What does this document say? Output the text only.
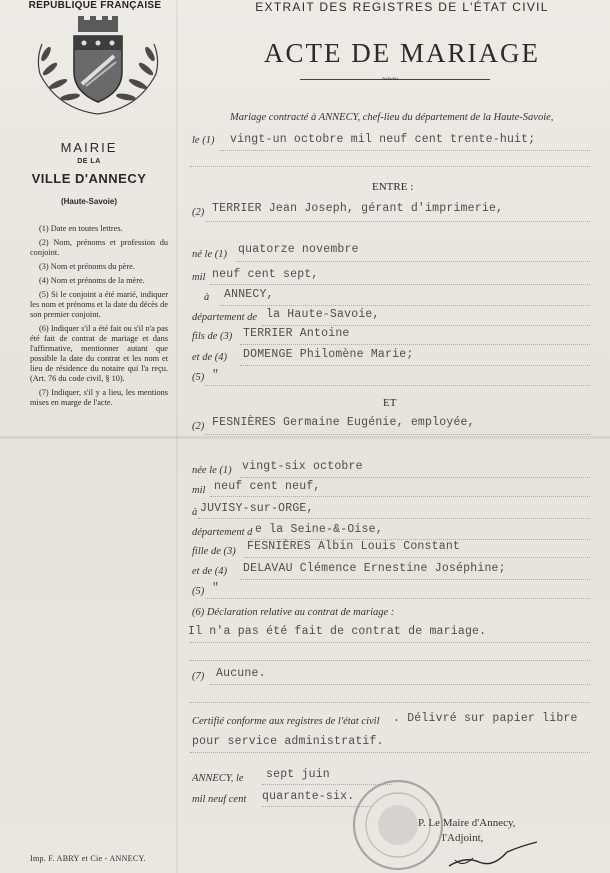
RÉPUBLIQUE FRANÇAISE
MAIRIE
DE LA
VILLE D'ANNECY
(Haute-Savoie)

(1) Date en toutes lettres.

(2) Nom, prénoms et profession du conjoint.

(3) Nom et prénoms du père.

(4) Nom et prénoms de la mère.

(5) Si le conjoint a été marié, indiquer les nom et prénoms et la date du décès de son premier conjoint.

(6) Indiquer s'il a été fait ou s'il n'a pas été fait de contrat de mariage et dans l'affirmative, mentionner autant que possible la date du contrat et les nom et lieu de résidence du notaire qui l'a reçu. (Art. 76 du code civil, § 10).

(7) Indiquer, s'il y a lieu, les mentions mises en marge de l'acte.

Imp. F. ABRY et Cie - ANNECY.
EXTRAIT DES REGISTRES DE L'ÉTAT CIVIL
ACTE DE MARIAGE
~~~
Mariage contracté à ANNECY, chef-lieu du département de la Haute-Savoie,
le (1) vingt-un octobre mil neuf cent trente-huit;
ENTRE :
(2) TERRIER Jean Joseph, gérant d'imprimerie,
né le (1) quatorze novembre
mil neuf cent sept,
à ANNECY,
département de la Haute-Savoie,
fils de (3) TERRIER Antoine
et de (4) DOMENGE Philomène Marie;
(5) "
ET
(2) FESNIÈRES Germaine Eugénie, employée,
née le (1) vingt-six octobre
mil neuf cent neuf,
à JUVISY-sur-ORGE,
département d e la Seine-&-Oise,
fille de (3) FESNIÈRES Albin Louis Constant
et de (4) DELAVAU Clémence Ernestine Joséphine;
(5) "
(6) Déclaration relative au contrat de mariage :
Il n'a pas été fait de contrat de mariage.
(7) Aucune.
Certifié conforme aux registres de l'état civil . Délivré sur papier libre
pour service administratif.
ANNECY, le sept juin
mil neuf cent quarante-six.
P. Le Maire d'Annecy,
l'Adjoint,
